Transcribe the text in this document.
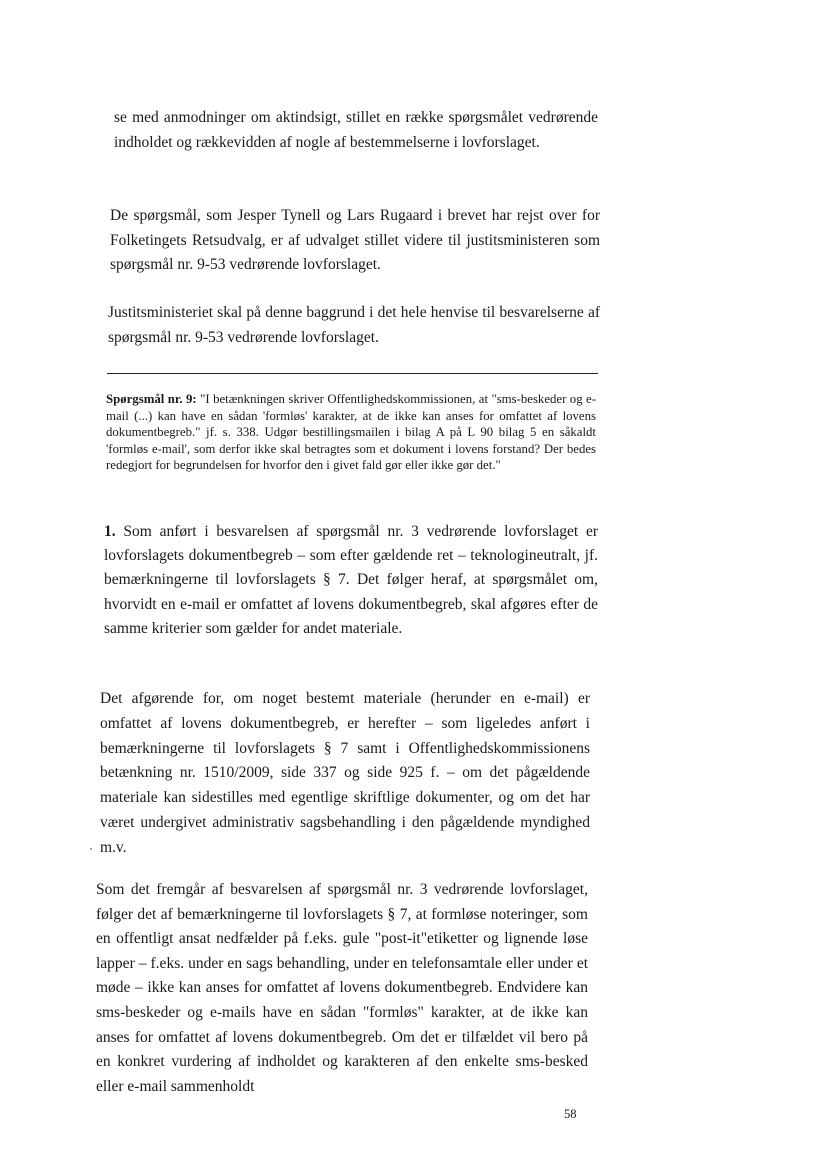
se med anmodninger om aktindsigt, stillet en række spørgsmålet vedrørende indholdet og rækkevidden af nogle af bestemmelserne i lovforslaget.

De spørgsmål, som Jesper Tynell og Lars Rugaard i brevet har rejst over for Folketingets Retsudvalg, er af udvalget stillet videre til justitsministeren som spørgsmål nr. 9-53 vedrørende lovforslaget.

Justitsministeriet skal på denne baggrund i det hele henvise til besvarelserne af spørgsmål nr. 9-53 vedrørende lovforslaget.

Spørgsmål nr. 9: "I betænkningen skriver Offentlighedskommissionen, at "sms-beskeder og e-mail (...) kan have en sådan 'formløs' karakter, at de ikke kan anses for omfattet af lovens dokumentbegreb." jf. s. 338. Udgør bestillingsmailen i bilag A på L 90 bilag 5 en såkaldt 'formløs e-mail', som derfor ikke skal betragtes som et dokument i lovens forstand? Der bedes redegjort for begrundelsen for hvorfor den i givet fald gør eller ikke gør det."

1. Som anført i besvarelsen af spørgsmål nr. 3 vedrørende lovforslaget er lovforslagets dokumentbegreb – som efter gældende ret – teknologineutralt, jf. bemærkningerne til lovforslagets § 7. Det følger heraf, at spørgsmålet om, hvorvidt en e-mail er omfattet af lovens dokumentbegreb, skal afgøres efter de samme kriterier som gælder for andet materiale.

Det afgørende for, om noget bestemt materiale (herunder en e-mail) er omfattet af lovens dokumentbegreb, er herefter – som ligeledes anført i bemærkningerne til lovforslagets § 7 samt i Offentlighedskommissionens betænkning nr. 1510/2009, side 337 og side 925 f. – om det pågældende materiale kan sidestilles med egentlige skriftlige dokumenter, og om det har været undergivet administrativ sagsbehandling i den pågældende myndighed m.v.

Som det fremgår af besvarelsen af spørgsmål nr. 3 vedrørende lovforslaget, følger det af bemærkningerne til lovforslagets § 7, at formløse noteringer, som en offentligt ansat nedfælder på f.eks. gule "post-it"etiketter og lignende løse lapper – f.eks. under en sags behandling, under en telefonsamtale eller under et møde – ikke kan anses for omfattet af lovens dokumentbegreb. Endvidere kan sms-beskeder og e-mails have en sådan "formløs" karakter, at de ikke kan anses for omfattet af lovens dokumentbegreb. Om det er tilfældet vil bero på en konkret vurdering af indholdet og karakteren af den enkelte sms-besked eller e-mail sammenholdt

58
